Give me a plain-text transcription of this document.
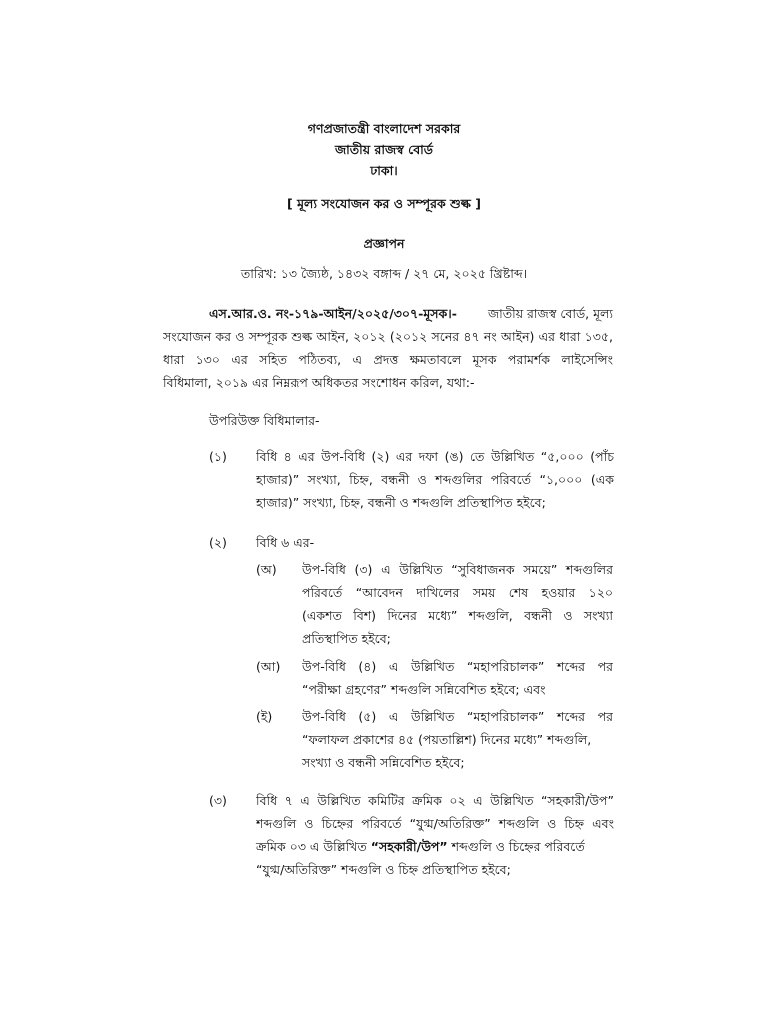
গণপ্রজাতন্ত্রী বাংলাদেশ সরকার
জাতীয় রাজস্ব বোর্ড
ঢাকা।
[ মূল্য সংযোজন কর ও সম্পূরক শুল্ক ]
প্রজ্ঞাপন
তারিখ: ১৩ জ্যৈষ্ঠ, ১৪৩২ বঙ্গাব্দ / ২৭ মে, ২০২৫ খ্রিষ্টাব্দ।
এস.আর.ও. নং-১৭৯-আইন/২০২৫/৩০৭-মূসক।- জাতীয় রাজস্ব বোর্ড, মূল্য
সংযোজন কর ও সম্পূরক শুল্ক আইন, ২০১২ (২০১২ সনের ৪৭ নং আইন) এর ধারা ১৩৫,
ধারা ১৩০ এর সহিত পঠিতব্য, এ প্রদত্ত ক্ষমতাবলে মূসক পরামর্শক লাইসেন্সিং
বিধিমালা, ২০১৯ এর নিম্নরূপ অধিকতর সংশোধন করিল, যথা:-
উপরিউক্ত বিধিমালার-
(১) বিধি ৪ এর উপ-বিধি (২) এর দফা (ঙ) তে উল্লিখিত “৫,০০০ (পাঁচ
হাজার)” সংখ্যা, চিহ্ন, বন্ধনী ও শব্দগুলির পরিবর্তে “১,০০০ (এক
হাজার)” সংখ্যা, চিহ্ন, বন্ধনী ও শব্দগুলি প্রতিস্থাপিত হইবে;
(২) বিধি ৬ এর-
(অ) উপ-বিধি (৩) এ উল্লিখিত “সুবিধাজনক সময়ে” শব্দগুলির
পরিবর্তে “আবেদন দাখিলের সময় শেষ হওয়ার ১২০
(একশত বিশ) দিনের মধ্যে” শব্দগুলি, বন্ধনী ও সংখ্যা
প্রতিস্থাপিত হইবে;
(আ) উপ-বিধি (৪) এ উল্লিখিত “মহাপরিচালক” শব্দের পর
“পরীক্ষা গ্রহণের” শব্দগুলি সন্নিবেশিত হইবে; এবং
(ই) উপ-বিধি (৫) এ উল্লিখিত “মহাপরিচালক” শব্দের পর
“ফলাফল প্রকাশের ৪৫ (পয়তাল্লিশ) দিনের মধ্যে” শব্দগুলি,
সংখ্যা ও বন্ধনী সন্নিবেশিত হইবে;
(৩) বিধি ৭ এ উল্লিখিত কমিটির ক্রমিক ০২ এ উল্লিখিত “সহকারী/উপ”
শব্দগুলি ও চিহ্নের পরিবর্তে “যুগ্ম/অতিরিক্ত” শব্দগুলি ও চিহ্ন এবং
ক্রমিক ০৩ এ উল্লিখিত “সহকারী/উপ” শব্দগুলি ও চিহ্নের পরিবর্তে
“যুগ্ম/অতিরিক্ত” শব্দগুলি ও চিহ্ন প্রতিস্থাপিত হইবে;
